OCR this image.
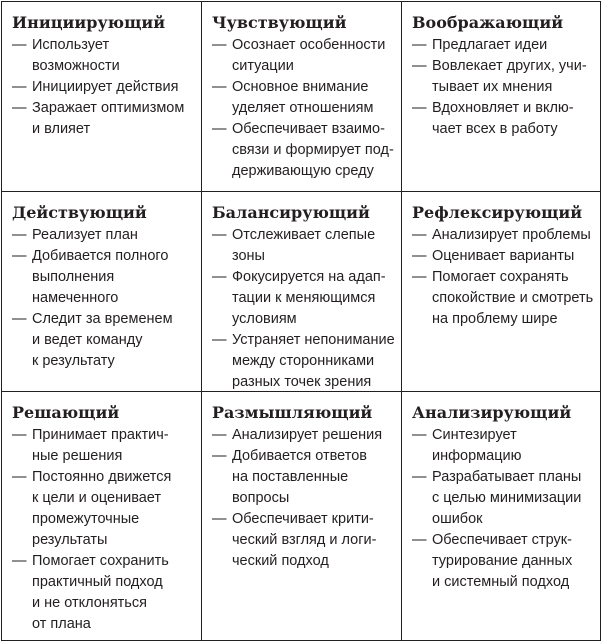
Инициирующий
— Использует
возможности
— Инициирует действия
— Заражает оптимизмом
и влияет
Чувствующий
— Осознает особенности
ситуации
— Основное внимание
уделяет отношениям
— Обеспечивает взаимо-
связи и формирует под-
держивающую среду
Воображающий
— Предлагает идеи
— Вовлекает других, учи-
тывает их мнения
— Вдохновляет и вклю-
чает всех в работу
Действующий
— Реализует план
— Добивается полного
выполнения
намеченного
— Следит за временем
и ведет команду
к результату
Балансирующий
— Отслеживает слепые
зоны
— Фокусируется на адап-
тации к меняющимся
условиям
— Устраняет непонимание
между сторонниками
разных точек зрения
Рефлексирующий
— Анализирует проблемы
— Оценивает варианты
— Помогает сохранять
спокойствие и смотреть
на проблему шире
Решающий
— Принимает практич-
ные решения
— Постоянно движется
к цели и оценивает
промежуточные
результаты
— Помогает сохранить
практичный подход
и не отклоняться
от плана
Размышляющий
— Анализирует решения
— Добивается ответов
на поставленные
вопросы
— Обеспечивает крити-
ческий взгляд и логи-
ческий подход
Анализирующий
— Синтезирует
информацию
— Разрабатывает планы
с целью минимизации
ошибок
— Обеспечивает струк-
турирование данных
и системный подход
